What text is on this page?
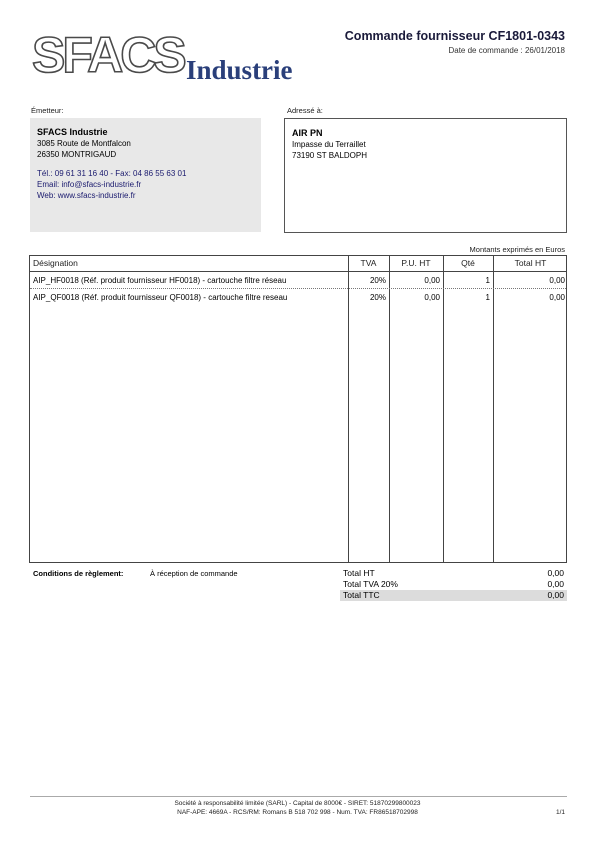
SFACS Industrie
Commande fournisseur CF1801-0343
Date de commande : 26/01/2018
Émetteur:
SFACS Industrie
3085 Route de Montfalcon
26350 MONTRIGAUD
Tél.: 09 61 31 16 40 - Fax: 04 86 55 63 01
Email: info@sfacs-industrie.fr
Web: www.sfacs-industrie.fr
Adressé à:
AIR PN
Impasse du Terraillet
73190 ST BALDOPH
Montants exprimés en Euros
Désignation	TVA	P.U. HT	Qté	Total HT
AIP_HF0018 (Réf. produit fournisseur HF0018) - cartouche filtre réseau	20%	0,00	1	0,00
AIP_QF0018 (Réf. produit fournisseur QF0018) - cartouche filtre reseau	20%	0,00	1	0,00
Conditions de règlement:	À réception de commande	Total HT	0,00
Total TVA 20%	0,00
Total TTC	0,00
Société à responsabilité limitée (SARL) - Capital de 8000€ - SIRET: 51870299800023
NAF-APE: 4669A - RCS/RM: Romans B 518 702 998 - Num. TVA: FR86518702998	1/1
